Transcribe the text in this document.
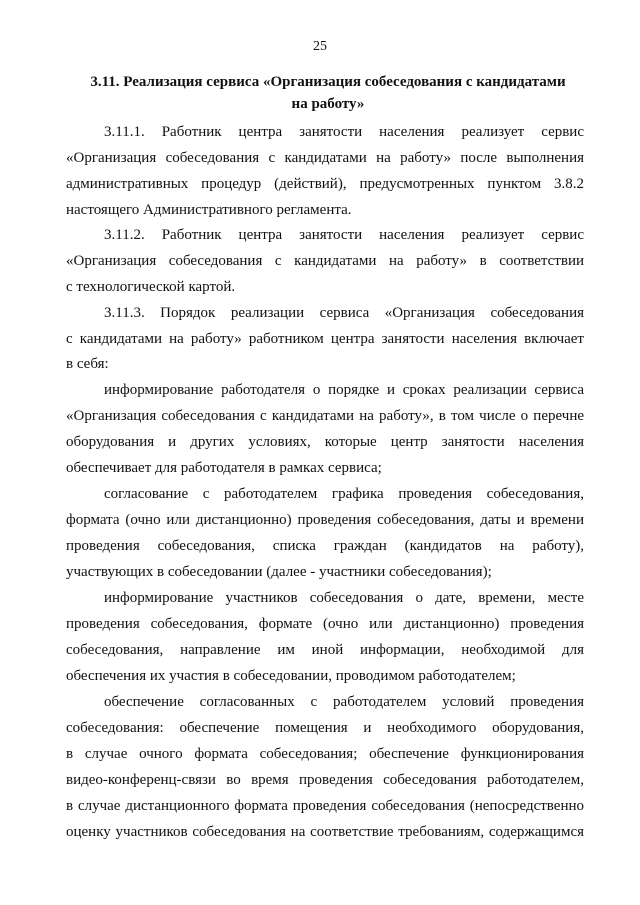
25
3.11. Реализация сервиса «Организация собеседования с кандидатами на работу»
3.11.1. Работник центра занятости населения реализует сервис
«Организация собеседования с кандидатами на работу» после выполнения
административных процедур (действий), предусмотренных пунктом 3.8.2
настоящего Административного регламента.
3.11.2. Работник центра занятости населения реализует сервис
«Организация собеседования с кандидатами на работу» в соответствии
с технологической картой.
3.11.3. Порядок реализации сервиса «Организация собеседования
с кандидатами на работу» работником центра занятости населения включает
в себя:
информирование работодателя о порядке и сроках реализации сервиса
«Организация собеседования с кандидатами на работу», в том числе о перечне
оборудования и других условиях, которые центр занятости населения
обеспечивает для работодателя в рамках сервиса;
согласование с работодателем графика проведения собеседования,
формата (очно или дистанционно) проведения собеседования, даты и времени
проведения собеседования, списка граждан (кандидатов на работу),
участвующих в собеседовании (далее - участники собеседования);
информирование участников собеседования о дате, времени, месте
проведения собеседования, формате (очно или дистанционно) проведения
собеседования, направление им иной информации, необходимой для
обеспечения их участия в собеседовании, проводимом работодателем;
обеспечение согласованных с работодателем условий проведения
собеседования: обеспечение помещения и необходимого оборудования,
в случае очного формата собеседования; обеспечение функционирования
видео-конференц-связи во время проведения собеседования работодателем,
в случае дистанционного формата проведения собеседования (непосредственно
оценку участников собеседования на соответствие требованиям, содержащимся
